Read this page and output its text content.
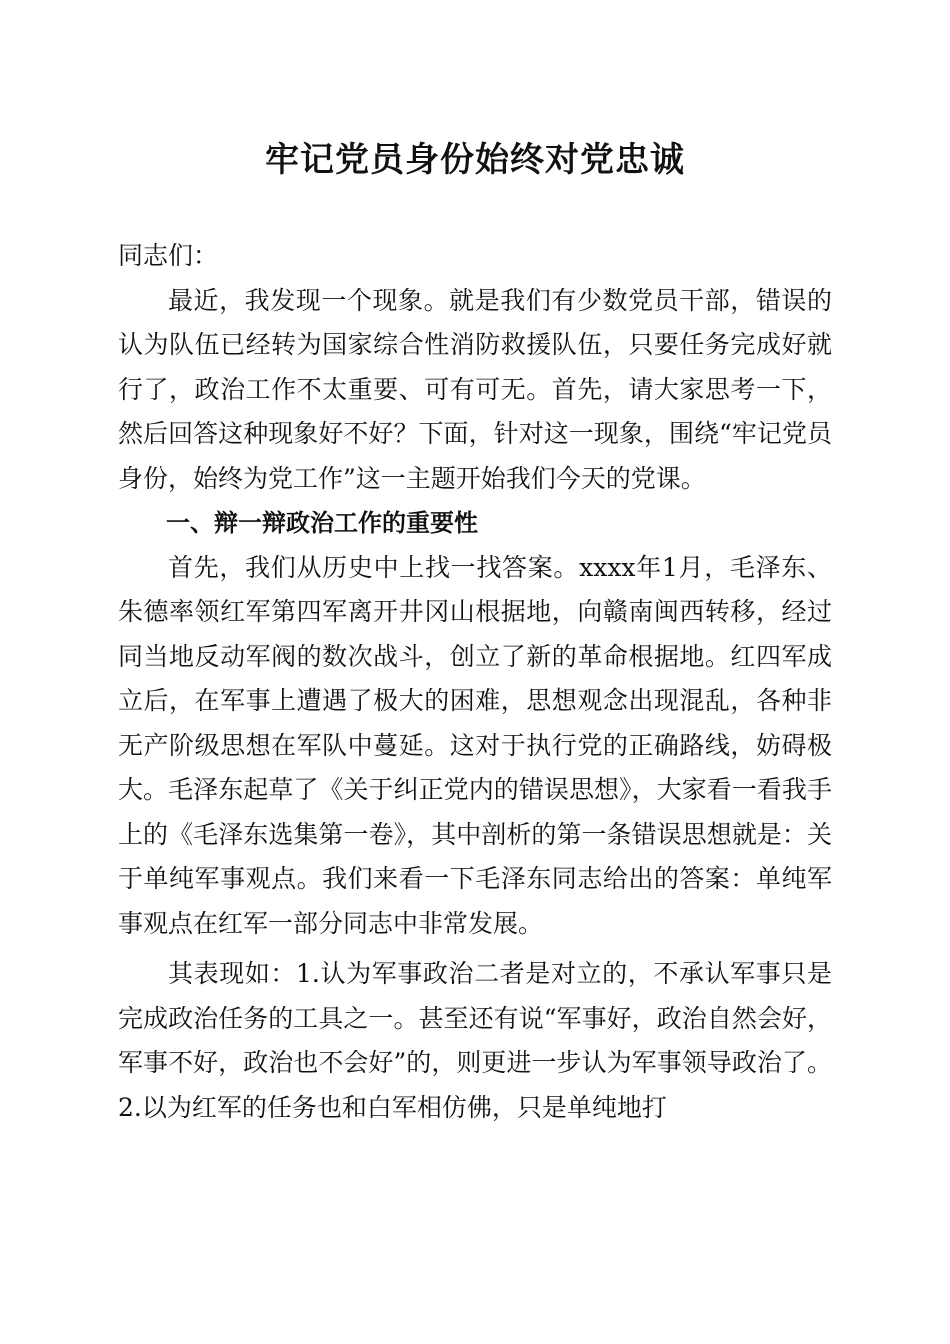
牢记党员身份始终对党忠诚

同志们：

最近，我发现一个现象。就是我们有少数党员干部，错误的认为队伍已经转为国家综合性消防救援队伍，只要任务完成好就行了，政治工作不太重要、可有可无。首先，请大家思考一下，然后回答这种现象好不好？下面，针对这一现象，围绕“牢记党员身份，始终为党工作”这一主题开始我们今天的党课。

一、辩一辩政治工作的重要性

首先，我们从历史中上找一找答案。xxxx年1月，毛泽东、朱德率领红军第四军离开井冈山根据地，向赣南闽西转移，经过同当地反动军阀的数次战斗，创立了新的革命根据地。红四军成立后，在军事上遭遇了极大的困难，思想观念出现混乱，各种非无产阶级思想在军队中蔓延。这对于执行党的正确路线，妨碍极大。毛泽东起草了《关于纠正党内的错误思想》，大家看一看我手上的《毛泽东选集第一卷》，其中剖析的第一条错误思想就是：关于单纯军事观点。我们来看一下毛泽东同志给出的答案：单纯军事观点在红军一部分同志中非常发展。

其表现如：1.认为军事政治二者是对立的，不承认军事只是完成政治任务的工具之一。甚至还有说“军事好，政治自然会好，军事不好，政治也不会好”的，则更进一步认为军事领导政治了。2.以为红军的任务也和白军相仿佛，只是单纯地打
